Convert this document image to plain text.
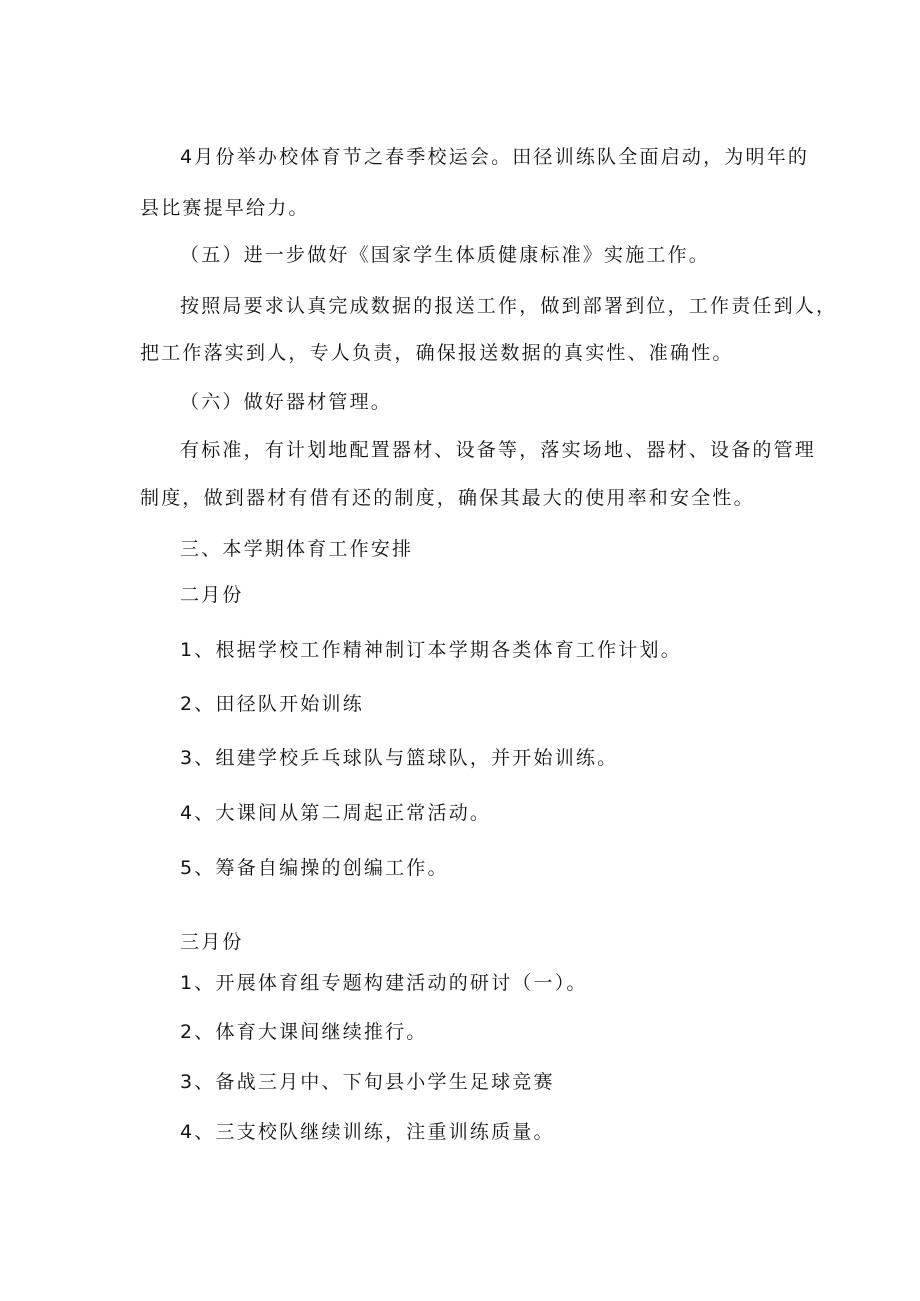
4月份举办校体育节之春季校运会。田径训练队全面启动，为明年的
县比赛提早给力。
（五）进一步做好《国家学生体质健康标准》实施工作。
按照局要求认真完成数据的报送工作，做到部署到位，工作责任到人，
把工作落实到人，专人负责，确保报送数据的真实性、准确性。
（六）做好器材管理。
有标准，有计划地配置器材、设备等，落实场地、器材、设备的管理
制度，做到器材有借有还的制度，确保其最大的使用率和安全性。
三、本学期体育工作安排
二月份
1、根据学校工作精神制订本学期各类体育工作计划。
2、田径队开始训练
3、组建学校乒乓球队与篮球队，并开始训练。
4、大课间从第二周起正常活动。
5、筹备自编操的创编工作。
三月份
1、开展体育组专题构建活动的研讨（一）。
2、体育大课间继续推行。
3、备战三月中、下旬县小学生足球竞赛
4、三支校队继续训练，注重训练质量。
